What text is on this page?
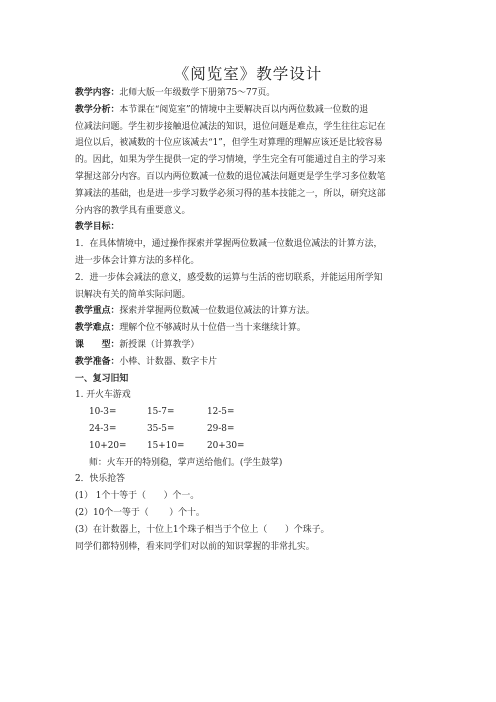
《阅览室》教学设计
教学内容：北师大版一年级数学下册第75～77页。
教学分析：本节课在“阅览室”的情境中主要解决百以内两位数减一位数的退
位减法问题。学生初步接触退位减法的知识，退位问题是难点，学生往往忘记在
退位以后，被减数的十位应该减去“1”，但学生对算理的理解应该还是比较容易
的。因此，如果为学生提供一定的学习情境，学生完全有可能通过自主的学习来
掌握这部分内容。百以内两位数减一位数的退位减法问题更是学生学习多位数笔
算减法的基础，也是进一步学习数学必须习得的基本技能之一，所以，研究这部
分内容的教学具有重要意义。
教学目标：
1．在具体情境中，通过操作探索并掌握两位数减一位数退位减法的计算方法，
进一步体会计算方法的多样化。
2．进一步体会减法的意义，感受数的运算与生活的密切联系，并能运用所学知
识解决有关的简单实际问题。
教学重点：探索并掌握两位数减一位数退位减法的计算方法。
教学难点：理解个位不够减时从十位借一当十来继续计算。
课　　型：新授课（计算教学）
教学准备：小棒、计数器、数字卡片
一、复习旧知
1. 开火车游戏
10-3=	15-7=	12-5=
24-3=	35-5=	29-8=
10+20=	15+10=	20+30=
师：火车开的特别稳，掌声送给他们。(学生鼓掌)
2．快乐抢答
(1） 1个十等于（　　）个一。
(2）10个一等于（　　 ）个十。
(3）在计数器上，十位上1个珠子相当于个位上（　　）个珠子。
同学们都特别棒，看来同学们对以前的知识掌握的非常扎实。
